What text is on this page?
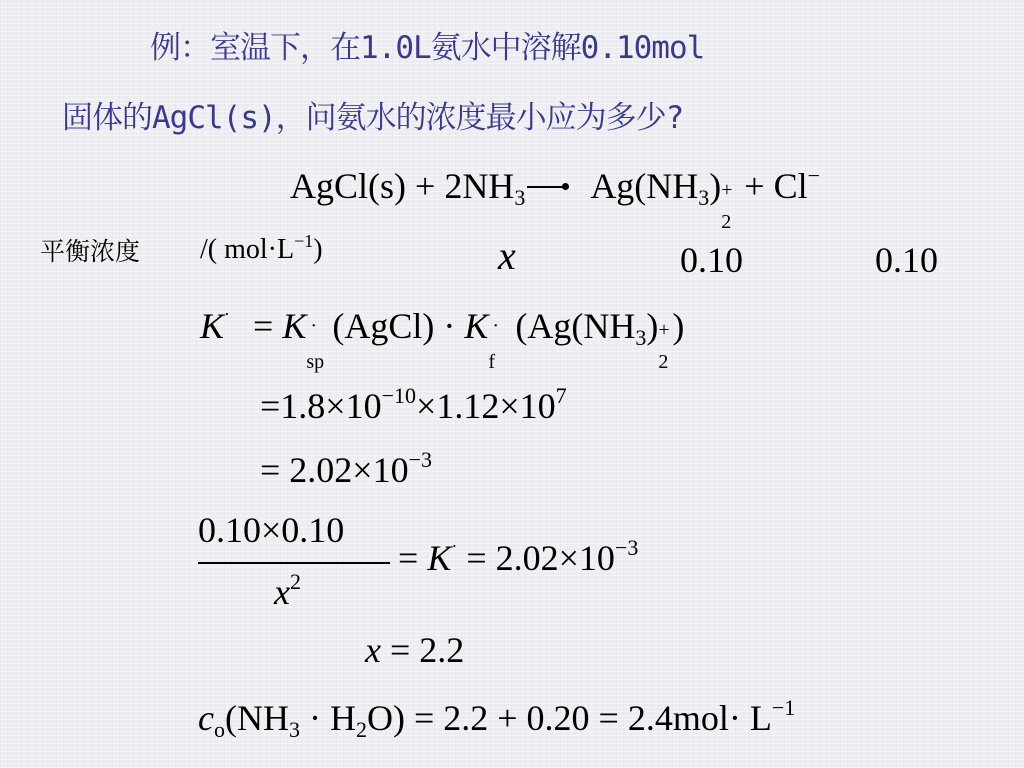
例：室温下，在1.0L氨水中溶解0.10mol
固体的AgCl(s)，问氨水的浓度最小应为多少?
AgCl(s) + 2NH3 → Ag(NH3) +
2
+ Cl−
平衡浓度 /( $mol\cdot L^{-1}$)	x	0.10	0.10
K· = K ·
sp
(AgCl) · K ·
f
(Ag(NH3) +
2
)
$=1.8\times 10^{-10}\times 1.12\times 10^7$
= $2.02\times 10^{-3}$
0.10×0.10
$x^2$
= $K^\cdot = 2.02\times 10^{-3}$
x = 2.2
$co(NH3 \cdot H2O) = 2.2 + 0.20 = 2.4mol\cdot L^{-1}$
